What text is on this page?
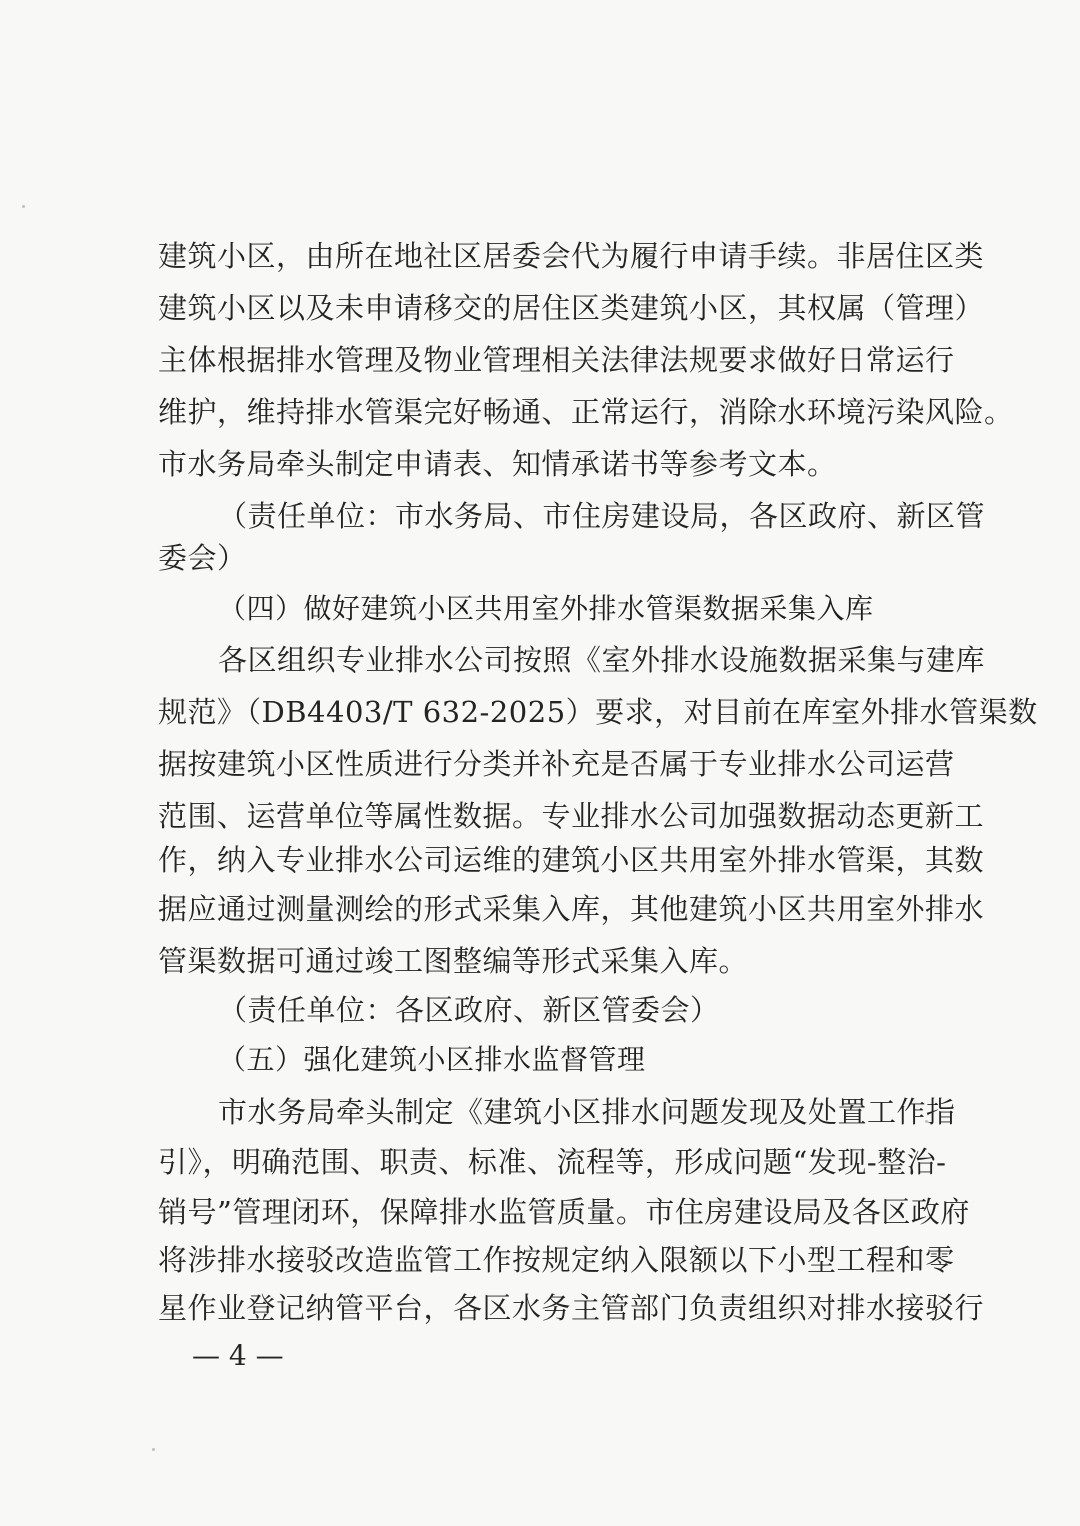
建筑小区，由所在地社区居委会代为履行申请手续。非居住区类
建筑小区以及未申请移交的居住区类建筑小区，其权属（管理）
主体根据排水管理及物业管理相关法律法规要求做好日常运行
维护，维持排水管渠完好畅通、正常运行，消除水环境污染风险。
市水务局牵头制定申请表、知情承诺书等参考文本。
（责任单位：市水务局、市住房建设局，各区政府、新区管
委会）
（四）做好建筑小区共用室外排水管渠数据采集入库
各区组织专业排水公司按照《室外排水设施数据采集与建库
规范》（DB4403/T 632-2025）要求，对目前在库室外排水管渠数
据按建筑小区性质进行分类并补充是否属于专业排水公司运营
范围、运营单位等属性数据。专业排水公司加强数据动态更新工
作，纳入专业排水公司运维的建筑小区共用室外排水管渠，其数
据应通过测量测绘的形式采集入库，其他建筑小区共用室外排水
管渠数据可通过竣工图整编等形式采集入库。
（责任单位：各区政府、新区管委会）
（五）强化建筑小区排水监督管理
市水务局牵头制定《建筑小区排水问题发现及处置工作指
引》，明确范围、职责、标准、流程等，形成问题“发现-整治-
销号”管理闭环，保障排水监管质量。市住房建设局及各区政府
将涉排水接驳改造监管工作按规定纳入限额以下小型工程和零
星作业登记纳管平台，各区水务主管部门负责组织对排水接驳行
— 4 —
